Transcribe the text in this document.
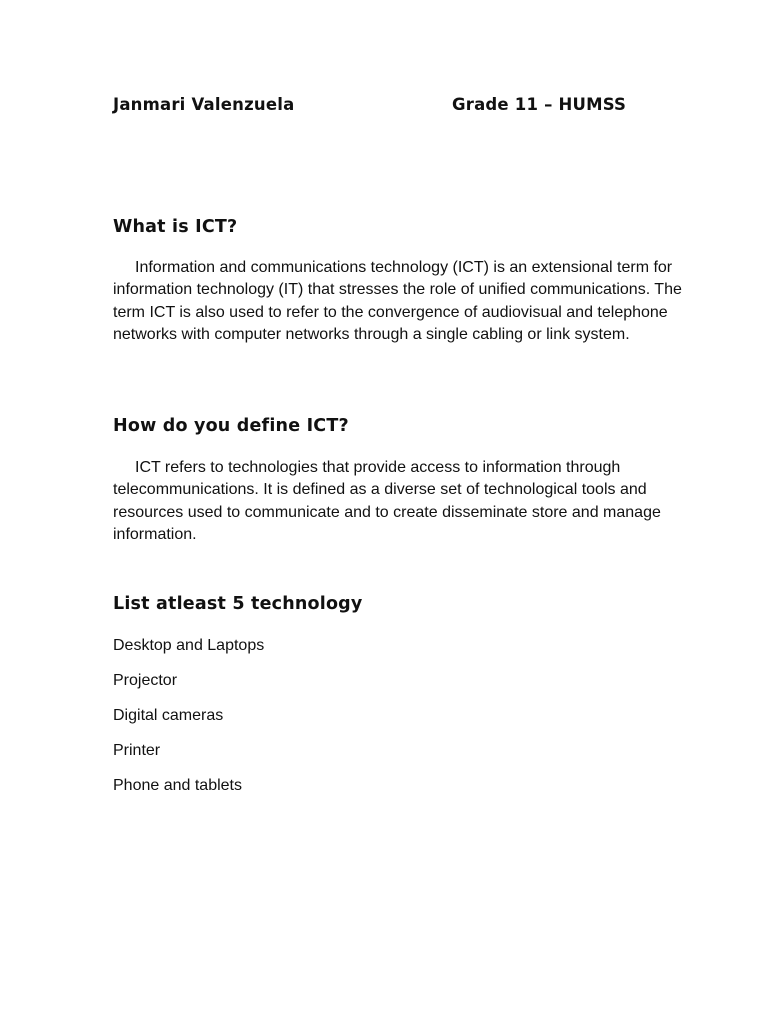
Janmari Valenzuela	Grade 11 – HUMSS
What is ICT?

Information and communications technology (ICT) is an extensional term for information technology (IT) that stresses the role of unified communications. The term ICT is also used to refer to the convergence of audiovisual and telephone networks with computer networks through a single cabling or link system.

How do you define ICT?

ICT refers to technologies that provide access to information through telecommunications. It is defined as a diverse set of technological tools and resources used to communicate and to create disseminate store and manage information.

List atleast 5 technology
Desktop and Laptops
Projector
Digital cameras
Printer
Phone and tablets
